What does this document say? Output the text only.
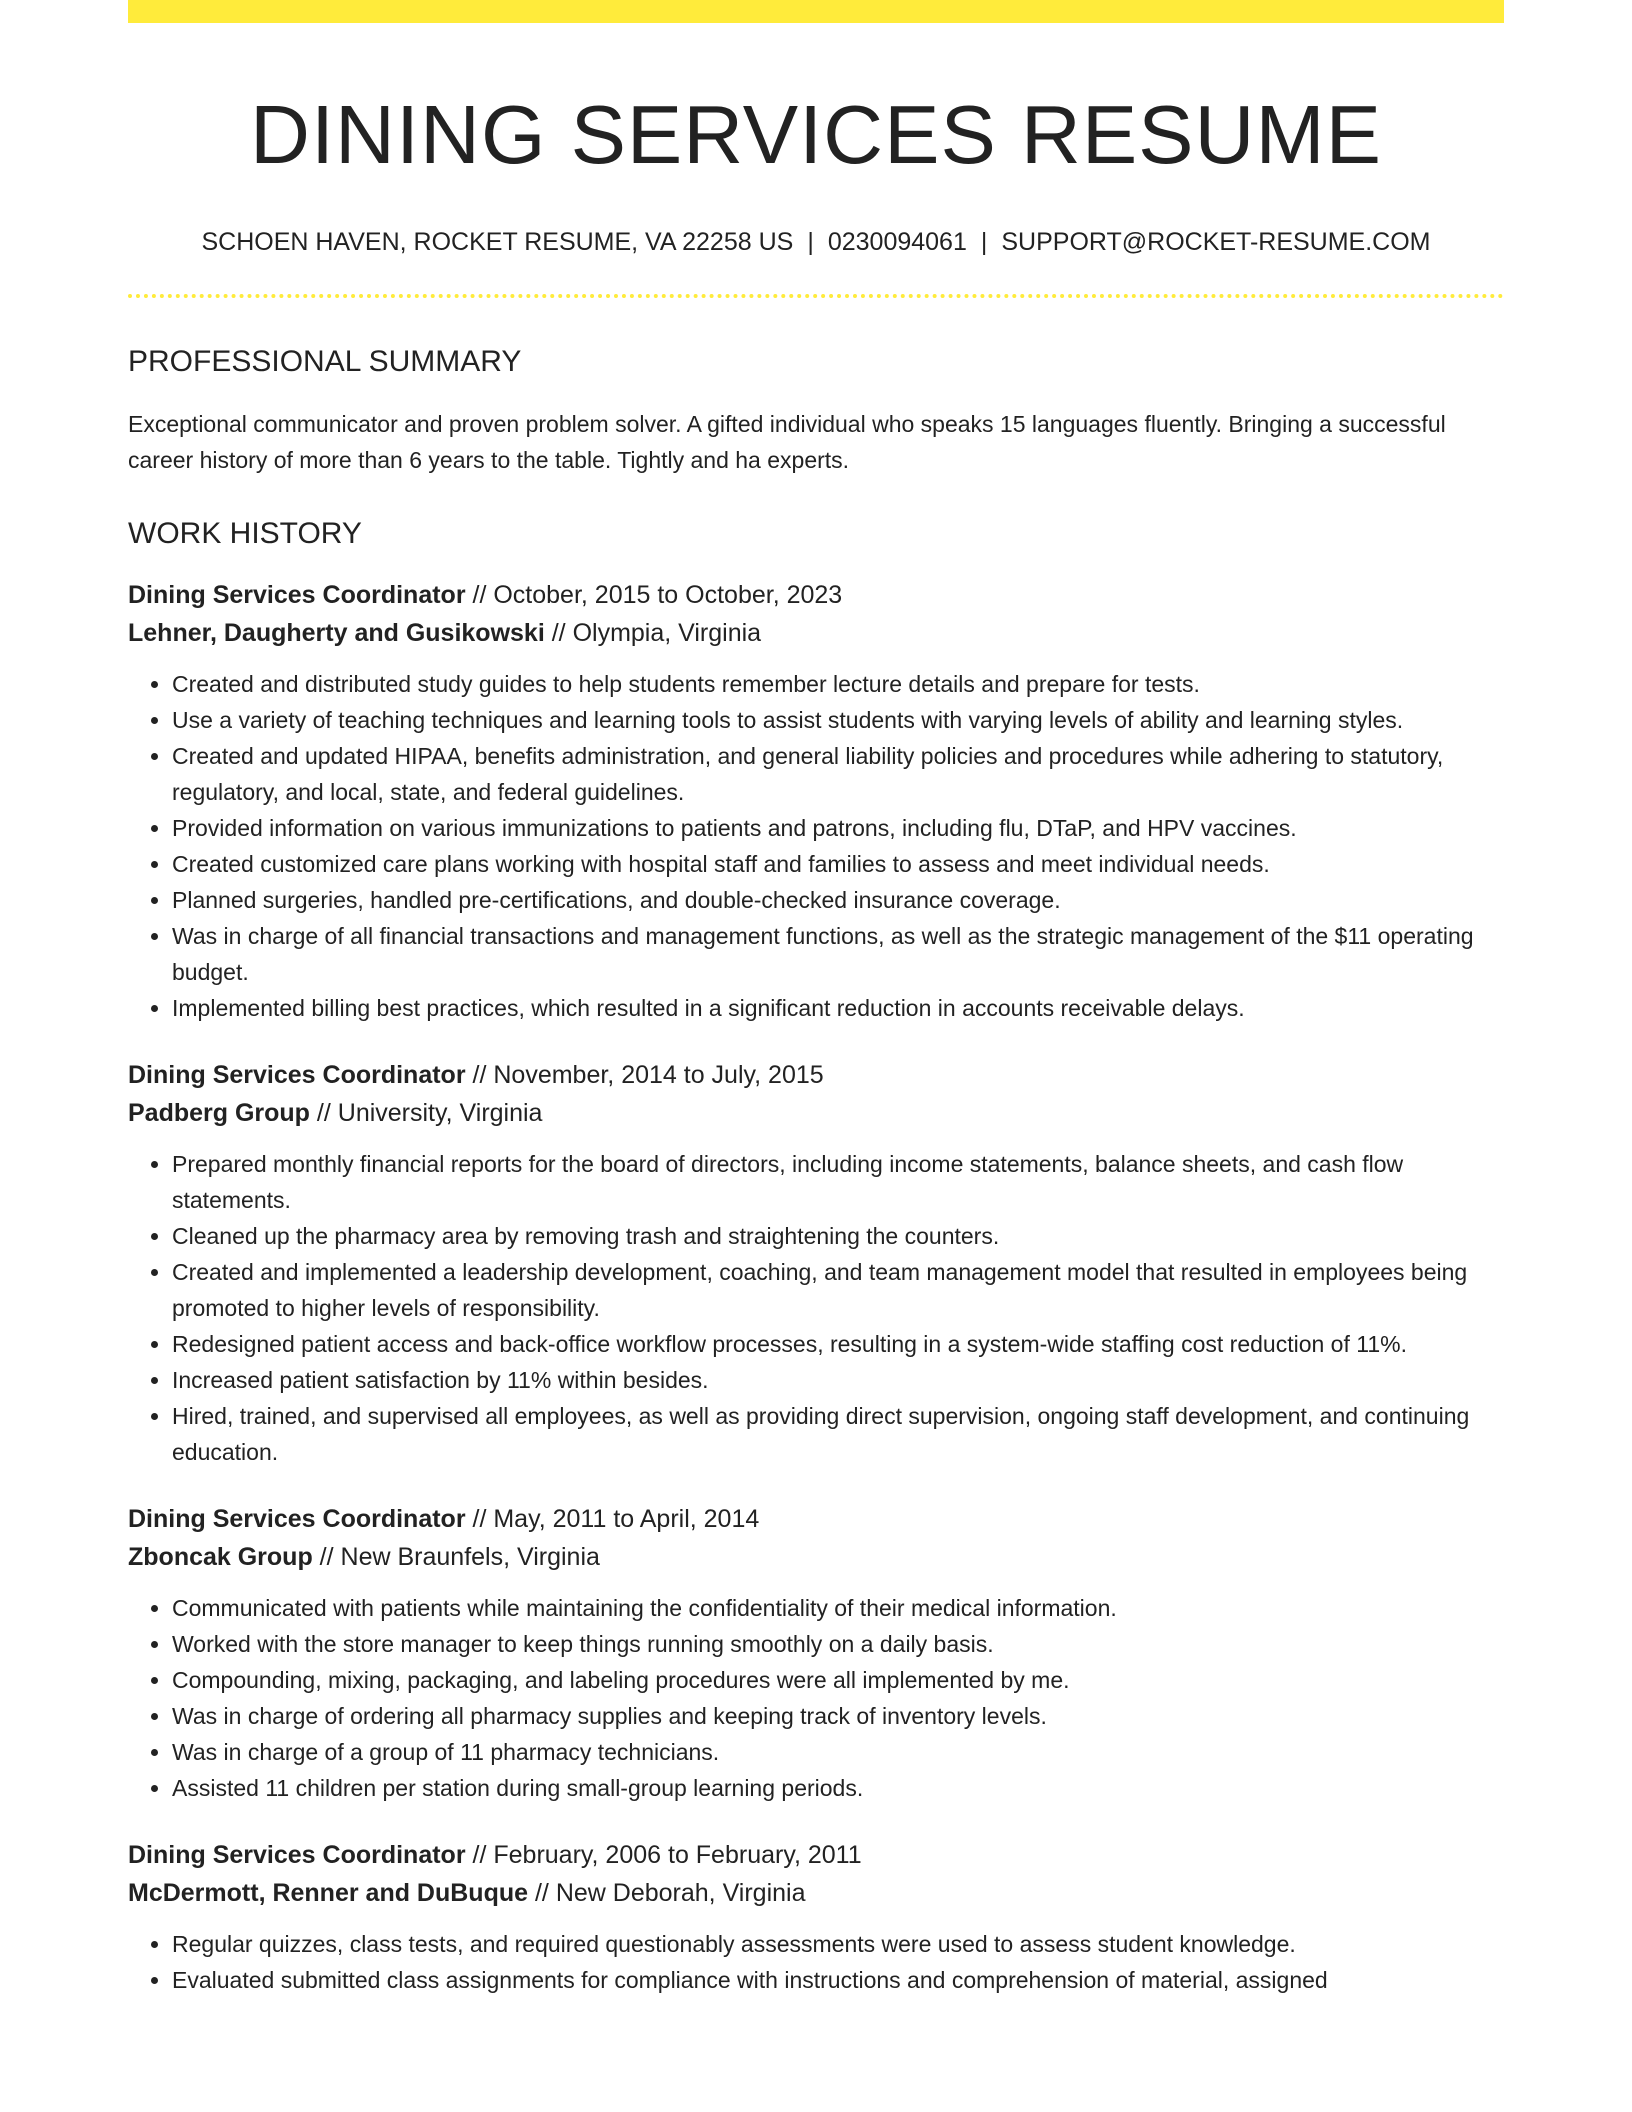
DINING SERVICES RESUME
SCHOEN HAVEN, ROCKET RESUME, VA 22258 US | 0230094061 | SUPPORT@ROCKET-RESUME.COM
PROFESSIONAL SUMMARY
Exceptional communicator and proven problem solver. A gifted individual who speaks 15 languages fluently. Bringing a successful career history of more than 6 years to the table. Tightly and ha experts.
WORK HISTORY
Dining Services Coordinator // October, 2015 to October, 2023
Lehner, Daugherty and Gusikowski // Olympia, Virginia
• Created and distributed study guides to help students remember lecture details and prepare for tests.
• Use a variety of teaching techniques and learning tools to assist students with varying levels of ability and learning styles.
• Created and updated HIPAA, benefits administration, and general liability policies and procedures while adhering to statutory, regulatory, and local, state, and federal guidelines.
• Provided information on various immunizations to patients and patrons, including flu, DTaP, and HPV vaccines.
• Created customized care plans working with hospital staff and families to assess and meet individual needs.
• Planned surgeries, handled pre-certifications, and double-checked insurance coverage.
• Was in charge of all financial transactions and management functions, as well as the strategic management of the $11 operating budget.
• Implemented billing best practices, which resulted in a significant reduction in accounts receivable delays.
Dining Services Coordinator // November, 2014 to July, 2015
Padberg Group // University, Virginia
• Prepared monthly financial reports for the board of directors, including income statements, balance sheets, and cash flow statements.
• Cleaned up the pharmacy area by removing trash and straightening the counters.
• Created and implemented a leadership development, coaching, and team management model that resulted in employees being promoted to higher levels of responsibility.
• Redesigned patient access and back-office workflow processes, resulting in a system-wide staffing cost reduction of 11%.
• Increased patient satisfaction by 11% within besides.
• Hired, trained, and supervised all employees, as well as providing direct supervision, ongoing staff development, and continuing education.
Dining Services Coordinator // May, 2011 to April, 2014
Zboncak Group // New Braunfels, Virginia
• Communicated with patients while maintaining the confidentiality of their medical information.
• Worked with the store manager to keep things running smoothly on a daily basis.
• Compounding, mixing, packaging, and labeling procedures were all implemented by me.
• Was in charge of ordering all pharmacy supplies and keeping track of inventory levels.
• Was in charge of a group of 11 pharmacy technicians.
• Assisted 11 children per station during small-group learning periods.
Dining Services Coordinator // February, 2006 to February, 2011
McDermott, Renner and DuBuque // New Deborah, Virginia
• Regular quizzes, class tests, and required questionably assessments were used to assess student knowledge.
• Evaluated submitted class assignments for compliance with instructions and comprehension of material, assigned
